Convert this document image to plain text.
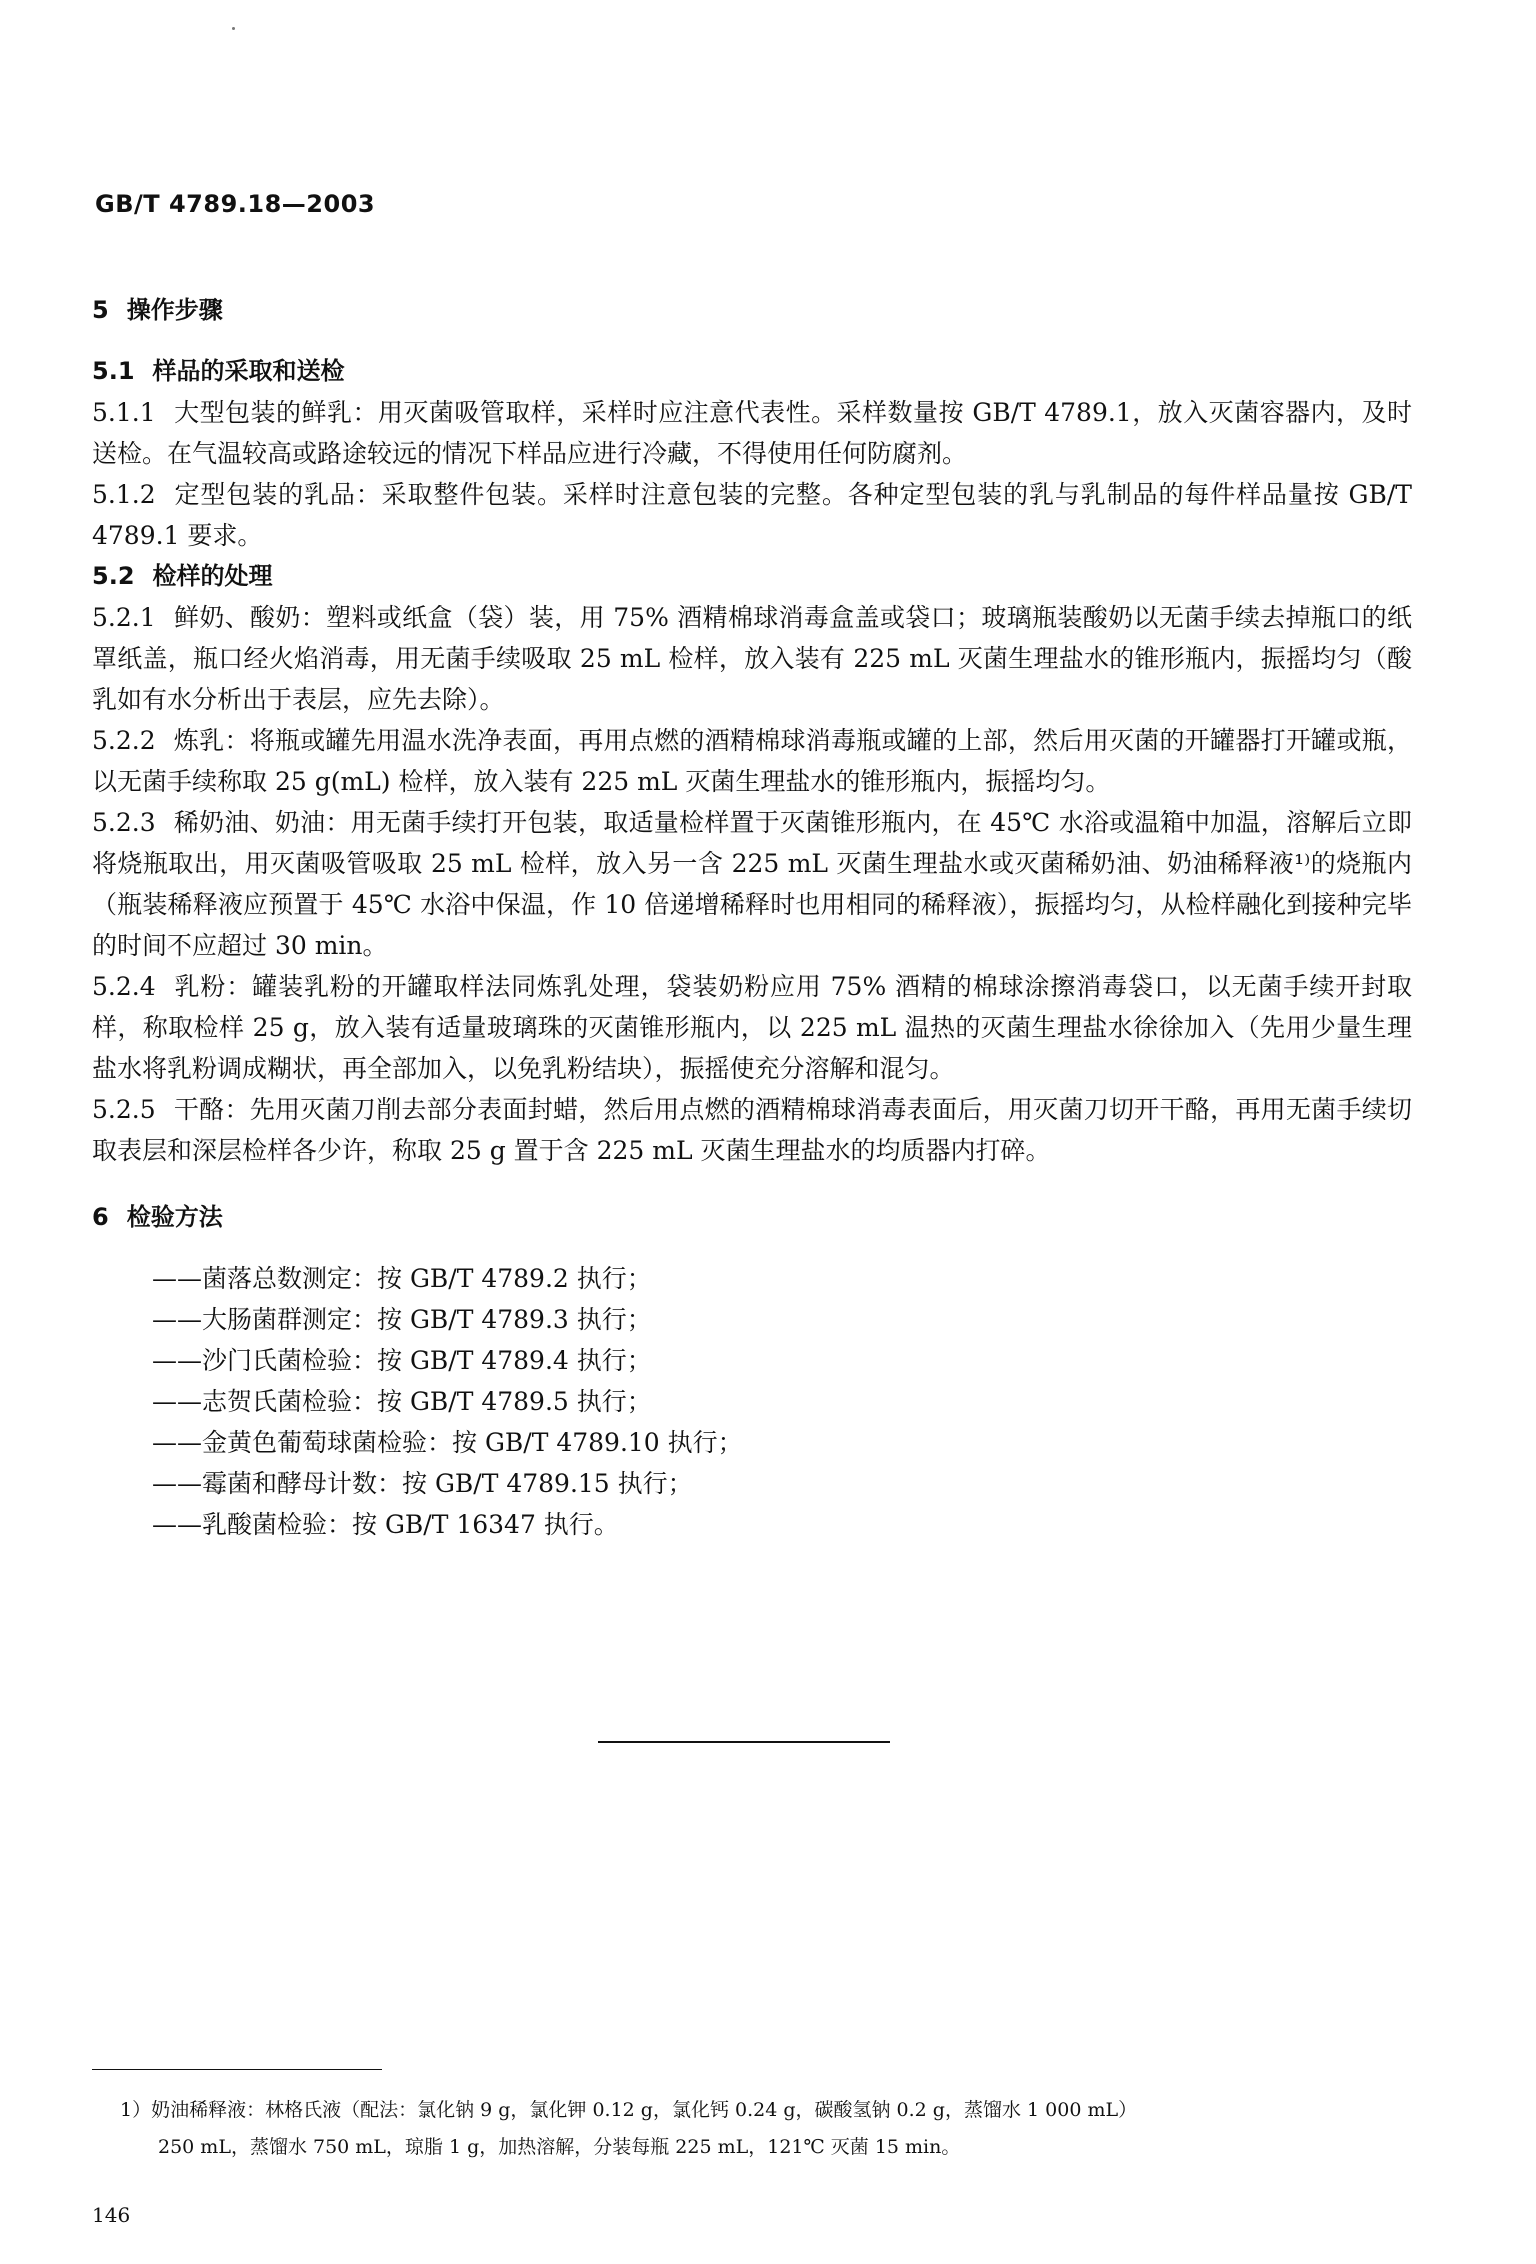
GB/T 4789.18—2003

5 操作步骤

5.1 样品的采取和送检

5.1.1 大型包装的鲜乳：用灭菌吸管取样，采样时应注意代表性。采样数量按 GB/T 4789.1，放入灭菌容器内，及时送检。在气温较高或路途较远的情况下样品应进行冷藏，不得使用任何防腐剂。

5.1.2 定型包装的乳品：采取整件包装。采样时注意包装的完整。各种定型包装的乳与乳制品的每件样品量按 GB/T 4789.1 要求。

5.2 检样的处理

5.2.1 鲜奶、酸奶：塑料或纸盒（袋）装，用 75% 酒精棉球消毒盒盖或袋口；玻璃瓶装酸奶以无菌手续去掉瓶口的纸罩纸盖，瓶口经火焰消毒，用无菌手续吸取 25 mL 检样，放入装有 225 mL 灭菌生理盐水的锥形瓶内，振摇均匀（酸乳如有水分析出于表层，应先去除）。

5.2.2 炼乳：将瓶或罐先用温水洗净表面，再用点燃的酒精棉球消毒瓶或罐的上部，然后用灭菌的开罐器打开罐或瓶，以无菌手续称取 25 g(mL) 检样，放入装有 225 mL 灭菌生理盐水的锥形瓶内，振摇均匀。

5.2.3 稀奶油、奶油：用无菌手续打开包装，取适量检样置于灭菌锥形瓶内，在 45℃ 水浴或温箱中加温，溶解后立即将烧瓶取出，用灭菌吸管吸取 25 mL 检样，放入另一含 225 mL 灭菌生理盐水或灭菌稀奶油、奶油稀释液¹⁾的烧瓶内（瓶装稀释液应预置于 45℃ 水浴中保温，作 10 倍递增稀释时也用相同的稀释液），振摇均匀，从检样融化到接种完毕的时间不应超过 30 min。

5.2.4 乳粉：罐装乳粉的开罐取样法同炼乳处理，袋装奶粉应用 75% 酒精的棉球涂擦消毒袋口，以无菌手续开封取样，称取检样 25 g，放入装有适量玻璃珠的灭菌锥形瓶内，以 225 mL 温热的灭菌生理盐水徐徐加入（先用少量生理盐水将乳粉调成糊状，再全部加入，以免乳粉结块），振摇使充分溶解和混匀。

5.2.5 干酪：先用灭菌刀削去部分表面封蜡，然后用点燃的酒精棉球消毒表面后，用灭菌刀切开干酪，再用无菌手续切取表层和深层检样各少许，称取 25 g 置于含 225 mL 灭菌生理盐水的均质器内打碎。

6 检验方法

——菌落总数测定：按 GB/T 4789.2 执行；
——大肠菌群测定：按 GB/T 4789.3 执行；
——沙门氏菌检验：按 GB/T 4789.4 执行；
——志贺氏菌检验：按 GB/T 4789.5 执行；
——金黄色葡萄球菌检验：按 GB/T 4789.10 执行；
——霉菌和酵母计数：按 GB/T 4789.15 执行；
——乳酸菌检验：按 GB/T 16347 执行。
1）奶油稀释液：林格氏液（配法：氯化钠 9 g，氯化钾 0.12 g，氯化钙 0.24 g，碳酸氢钠 0.2 g，蒸馏水 1 000 mL）
250 mL，蒸馏水 750 mL，琼脂 1 g，加热溶解，分装每瓶 225 mL，121℃ 灭菌 15 min。
146
